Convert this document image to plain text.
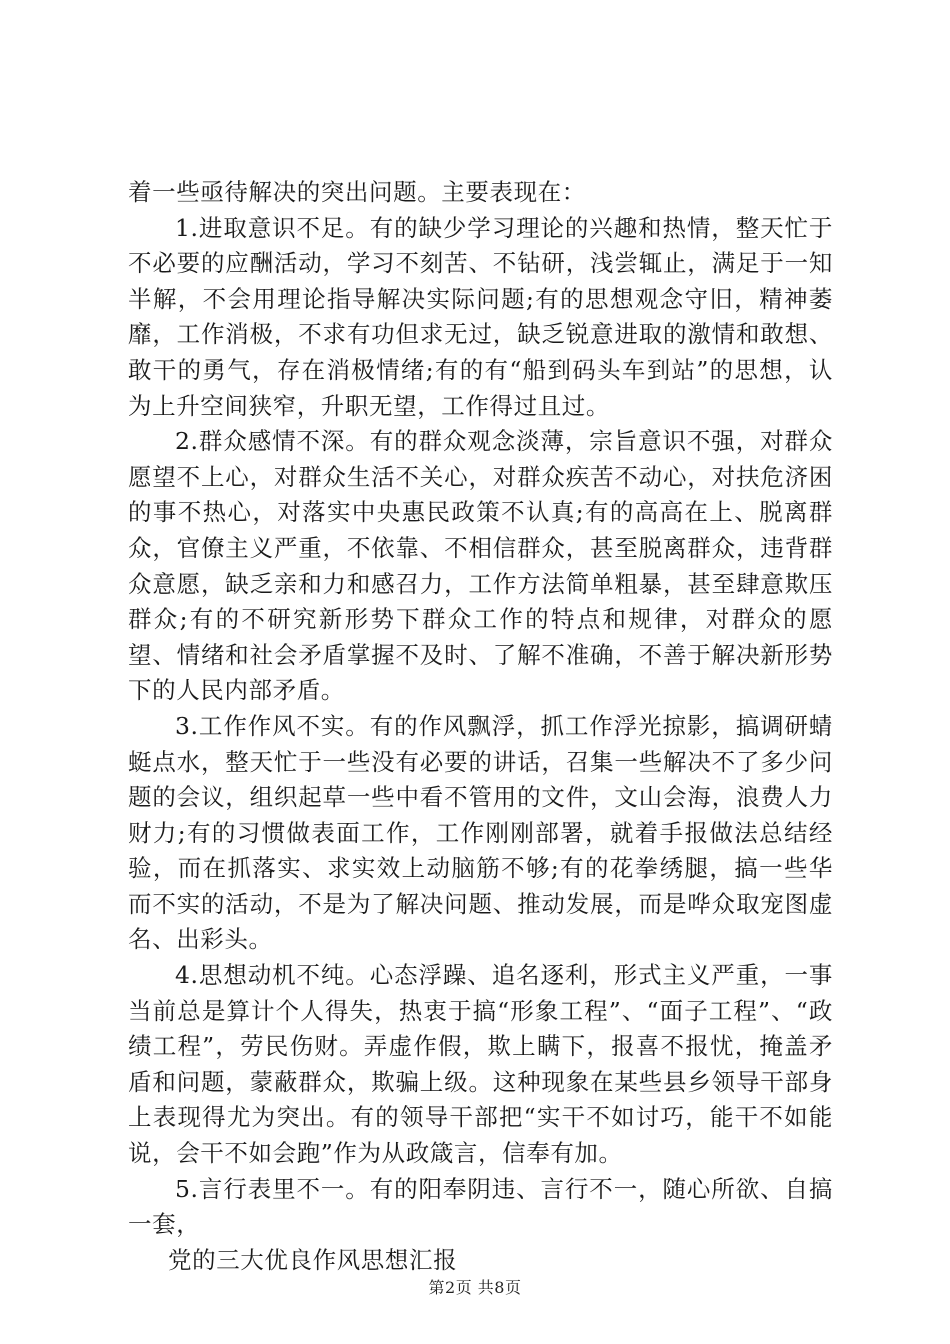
着一些亟待解决的突出问题。主要表现在：

1.进取意识不足。有的缺少学习理论的兴趣和热情，整天忙于不必要的应酬活动，学习不刻苦、不钻研，浅尝辄止，满足于一知半解，不会用理论指导解决实际问题;有的思想观念守旧，精神萎靡，工作消极，不求有功但求无过，缺乏锐意进取的激情和敢想、敢干的勇气，存在消极情绪;有的有“船到码头车到站”的思想，认为上升空间狭窄，升职无望，工作得过且过。

2.群众感情不深。有的群众观念淡薄，宗旨意识不强，对群众愿望不上心，对群众生活不关心，对群众疾苦不动心，对扶危济困的事不热心，对落实中央惠民政策不认真;有的高高在上、脱离群众，官僚主义严重，不依靠、不相信群众，甚至脱离群众，违背群众意愿，缺乏亲和力和感召力，工作方法简单粗暴，甚至肆意欺压群众;有的不研究新形势下群众工作的特点和规律，对群众的愿望、情绪和社会矛盾掌握不及时、了解不准确，不善于解决新形势下的人民内部矛盾。

3.工作作风不实。有的作风飘浮，抓工作浮光掠影，搞调研蜻蜓点水，整天忙于一些没有必要的讲话，召集一些解决不了多少问题的会议，组织起草一些中看不管用的文件，文山会海，浪费人力财力;有的习惯做表面工作，工作刚刚部署，就着手报做法总结经验，而在抓落实、求实效上动脑筋不够;有的花拳绣腿，搞一些华而不实的活动，不是为了解决问题、推动发展，而是哗众取宠图虚名、出彩头。

4.思想动机不纯。心态浮躁、追名逐利，形式主义严重，一事当前总是算计个人得失，热衷于搞“形象工程”、“面子工程”、“政绩工程”，劳民伤财。弄虚作假，欺上瞒下，报喜不报忧，掩盖矛盾和问题，蒙蔽群众，欺骗上级。这种现象在某些县乡领导干部身上表现得尤为突出。有的领导干部把“实干不如讨巧，能干不如能说，会干不如会跑”作为从政箴言，信奉有加。

5.言行表里不一。有的阳奉阴违、言行不一，随心所欲、自搞一套，

党的三大优良作风思想汇报

第2页 共8页
